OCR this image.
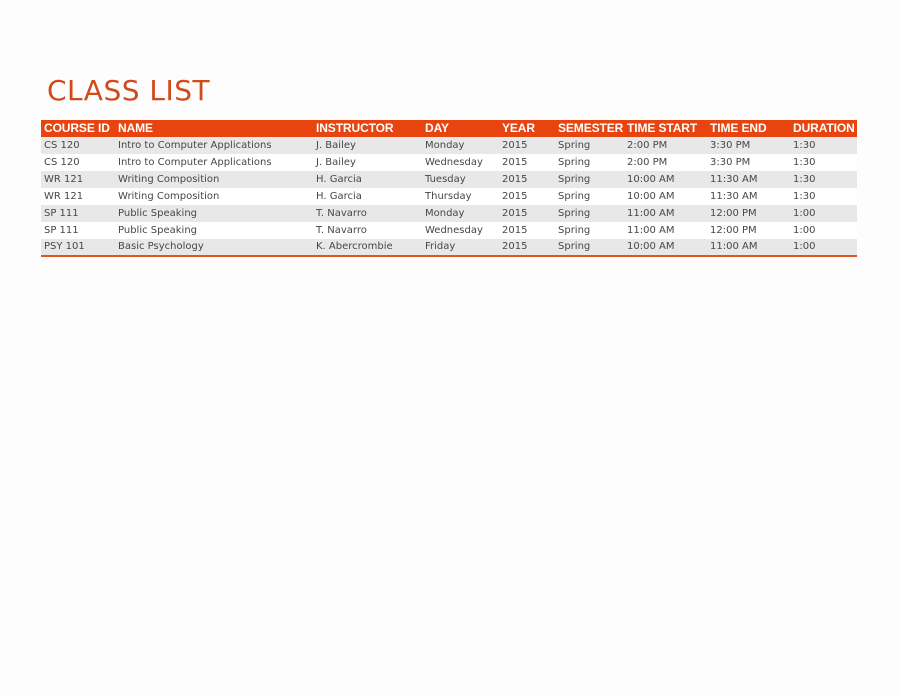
CLASS LIST
COURSE ID	NAME	INSTRUCTOR	DAY	YEAR	SEMESTER	TIME START	TIME END	DURATION
CS 120	Intro to Computer Applications	J. Bailey	Monday	2015	Spring	2:00 PM	3:30 PM	1:30
CS 120	Intro to Computer Applications	J. Bailey	Wednesday	2015	Spring	2:00 PM	3:30 PM	1:30
WR 121	Writing Composition	H. Garcia	Tuesday	2015	Spring	10:00 AM	11:30 AM	1:30
WR 121	Writing Composition	H. Garcia	Thursday	2015	Spring	10:00 AM	11:30 AM	1:30
SP 111	Public Speaking	T. Navarro	Monday	2015	Spring	11:00 AM	12:00 PM	1:00
SP 111	Public Speaking	T. Navarro	Wednesday	2015	Spring	11:00 AM	12:00 PM	1:00
PSY 101	Basic Psychology	K. Abercrombie	Friday	2015	Spring	10:00 AM	11:00 AM	1:00
